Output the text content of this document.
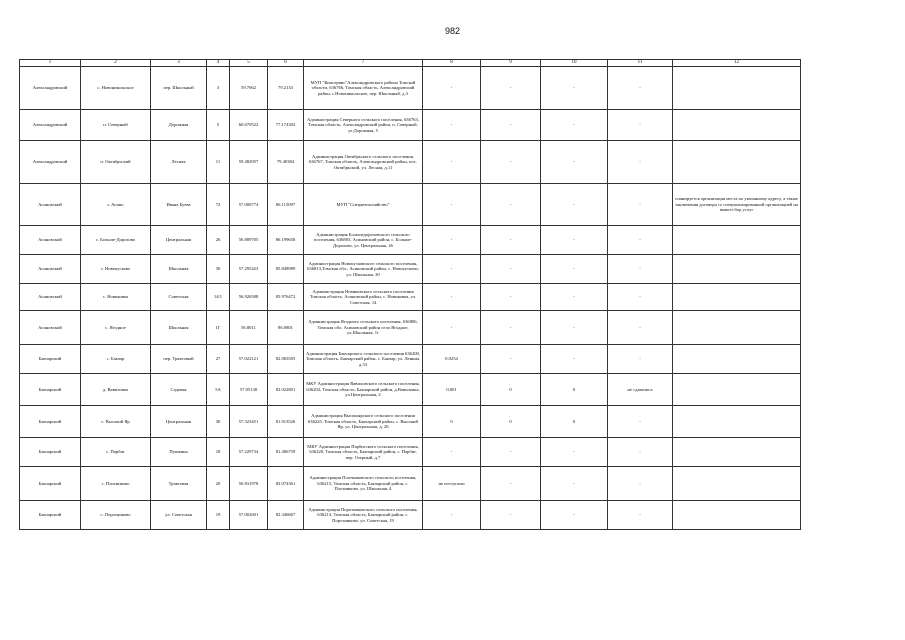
982
1	2	3	4	5	6	7	8	9	10	11	12
Александровский	с. Новоникольское	пер. Школьный	3	59.7662	79.2133	МУП "Комсервис"Александровского района Томской области, 636766, Томская область, Александровский район, с.Новоникольское, пер. Школьный, д.3	-	-	-	-	
Александровский	п. Северный	Дорожная	5	60.670522	77.174302	Администрация Северного сельского поселения, 636763, Томская область, Александровский район, п. Северный, ул.Дорожная, 5	-	-	-	-	
Александровский	п. Октябрьский	Лесная	11	59.482957	79.40384	Администрация Октябрьского сельского поселения, 636767, Томская область, Александровский район, пос. Октябрьский, ул. Лесная, д.11	-	-	-	-	
Асиновский	г. Асино	Ивана Буева	72	57.000774	86.115097	МУП "Спецавтохозяйство"	-	-	-	-	планируется организация места по указанному адресу, а также заключения договора со специализированной организацией на вывоз/сбор услуг
Асиновский	с. Больше-Дорохово	Центральная	26	56.889705	86.199658	Администрация Большедороховского сельского поселения, 636803, Асиновский район, с. Больше-Дорохово, ул. Центральная, 26	-	-	-	-	
Асиновский	с. Новокусково	Школьная	30	57.295423	85.848989	Администрация Новокусковского сельского поселения, 636813,Томская обл., Асиновский район, с. Новокусково, ул. Школьная, 30	-	-	-	-	
Асиновский	с. Новиковка	Советская	14/1	56.926588	85.976472	Администрация Новиковского сельского поселения Томская область, Асиновский район, с. Новиковка, ул. Советская, 14	-	-	-	-	
Асиновский	с. Ягодное	Школьная	1Г	56.8011	86.0801	Администрация Ягодного сельского поселения, 636806, Томская обл. Асиновский район село Ягодное, ул.Школьная, 1г	-	-	-	-	
Бакчарский	с. Бакчар	пер. Трактовый	27	57.022121	82.063505	Администрация Бакчарского сельского поселения 636200, Томская область, Бакчарский район, с. Бакчар, ул. Ленина, д.53	0,0254	-	-	-	
Бакчарский	д. Вавиловка	Садовая	5А	57.05138	82.022801	МКУ Администрация Вавиловского сельского поселения, 636202, Томская область, Бакчарский район, д.Вавиловка, ул.Центральная, 2	0,001	0	0	не сдавались	
Бакчарский	с. Высокий Яр	Центральная	30	57.323451	81.913526	Администрация Высокоярского сельского поселения 636225, Томская область, Бакчарский район, с. Высокий Яр, ул. Центральная, д. 26	0	0	0	-	
Бакчарский	с. Парбиг	Пушкина	18	57.229734	81.406759	МКУ Администрация Парбигского сельского поселения, 636220, Томская область, Бакчарский район, с. Парбиг, пер. Озерный, д.7	-	-	-	-	
Бакчарский	с. Плотниково	Трактовая	20	56.831978	83.074361	Администрация Плотниковского сельского поселения, 636215, Томская область, Бакчарский район, с. Плотниково, ул. Школьная, 4	не поступали	-	-	-	
Бакчарский	с. Поротниково	ул. Советская	19	57.002601	82.346667	Администрация Поротниковского сельского поселения, 636213, Томская область, Бакчарский район, с. Поротниково, ул. Советская, 19	-	-	-	-	
